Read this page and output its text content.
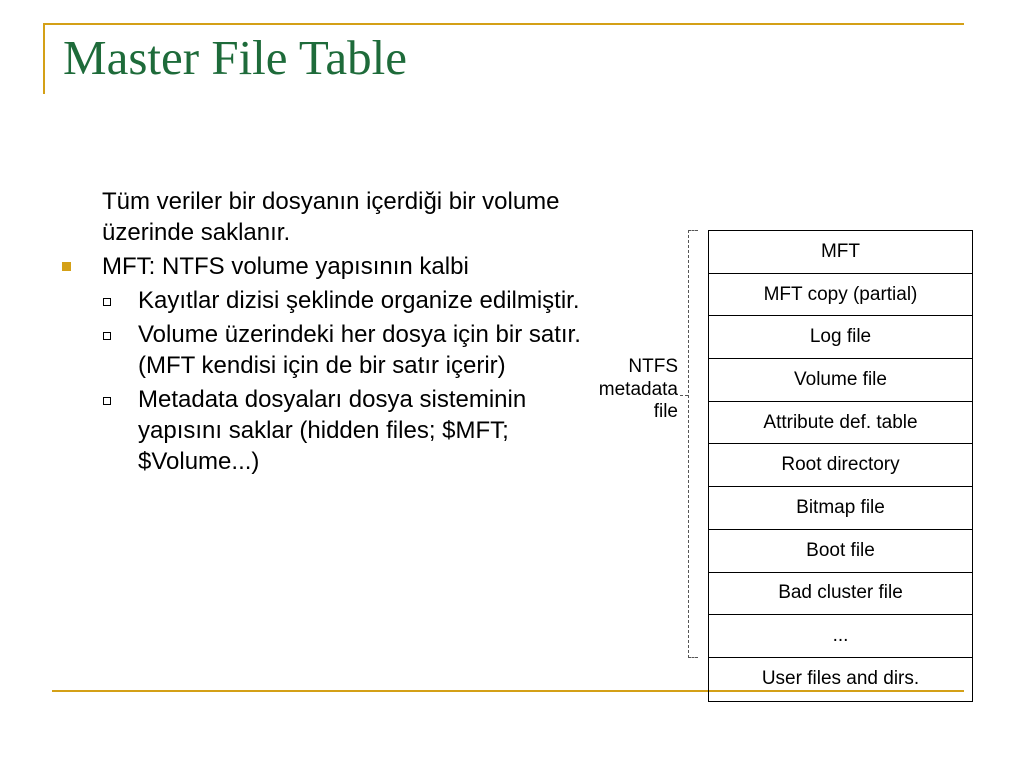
Master File Table

Tüm veriler bir dosyanın içerdiği bir volume üzerinde saklanır.

MFT: NTFS volume yapısının kalbi
Kayıtlar dizisi şeklinde organize edilmiştir.
Volume üzerindeki her dosya için bir satır. (MFT kendisi için de bir satır içerir)
Metadata dosyaları dosya sisteminin yapısını saklar (hidden files; $MFT; $Volume...)
NTFS
metadata
file
MFT
MFT copy (partial)
Log file
Volume file
Attribute def. table
Root directory
Bitmap file
Boot file
Bad cluster file
...
User files and dirs.
